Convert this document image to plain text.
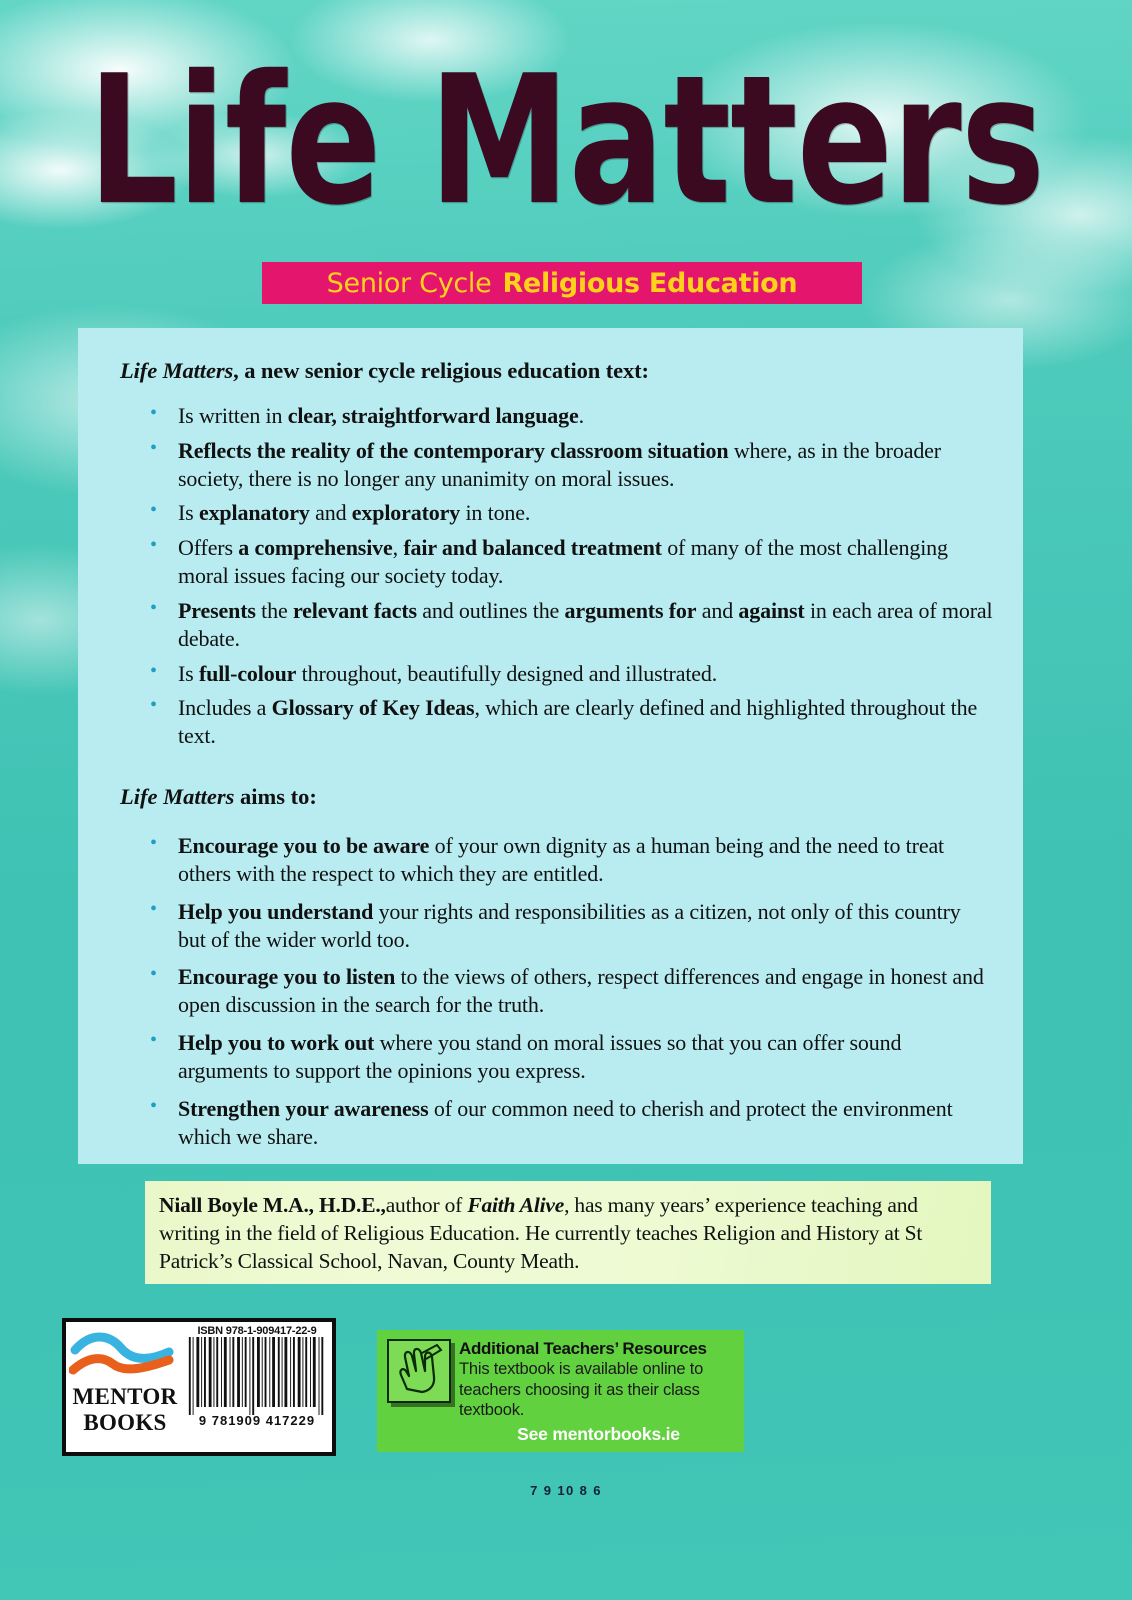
Life Matters
Senior Cycle Religious Education
Life Matters, a new senior cycle religious education text:
• Is written in clear, straightforward language.
• Reflects the reality of the contemporary classroom situation where, as in the broader society, there is no longer any unanimity on moral issues.
• Is explanatory and exploratory in tone.
• Offers a comprehensive, fair and balanced treatment of many of the most challenging moral issues facing our society today.
• Presents the relevant facts and outlines the arguments for and against in each area of moral debate.
• Is full-colour throughout, beautifully designed and illustrated.
• Includes a Glossary of Key Ideas, which are clearly defined and highlighted throughout the text.
Life Matters aims to:
• Encourage you to be aware of your own dignity as a human being and the need to treat others with the respect to which they are entitled.
• Help you understand your rights and responsibilities as a citizen, not only of this country but of the wider world too.
• Encourage you to listen to the views of others, respect differences and engage in honest and open discussion in the search for the truth.
• Help you to work out where you stand on moral issues so that you can offer sound arguments to support the opinions you express.
• Strengthen your awareness of our common need to cherish and protect the environment which we share.
Niall Boyle M.A., H.D.E.,author of Faith Alive, has many years’ experience teaching and writing in the field of Religious Education. He currently teaches Religion and History at St Patrick’s Classical School, Navan, County Meath.
MENTOR
BOOKS
ISBN 978-1-909417-22-9
9 781909 417229
www.mentorbooks.ie
Additional Teachers’ Resources
This textbook is available online to teachers choosing it as their class textbook.
See mentorbooks.ie
7 9 10 8 6
